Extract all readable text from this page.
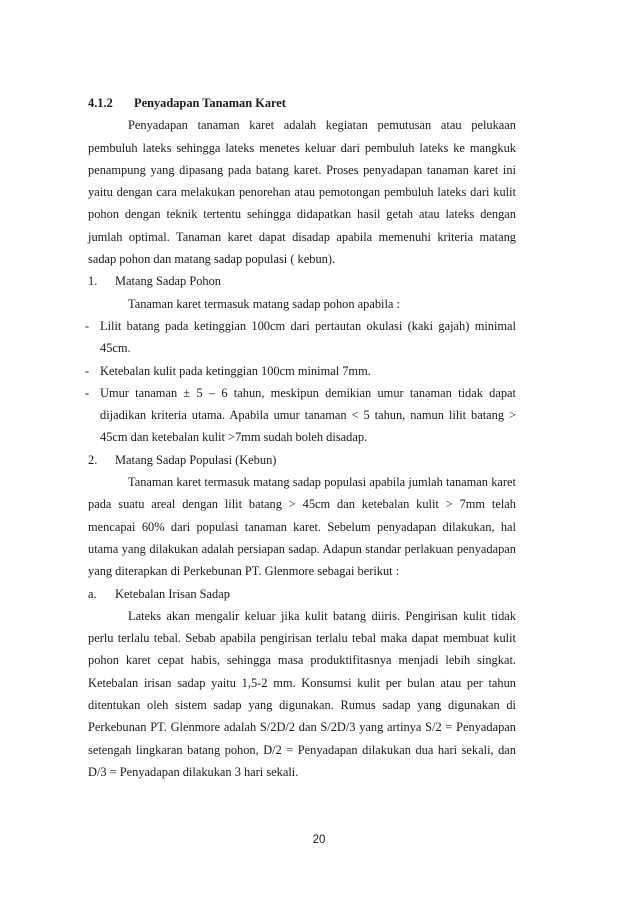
4.1.2 Penyadapan Tanaman Karet

Penyadapan tanaman karet adalah kegiatan pemutusan atau pelukaan pembuluh lateks sehingga lateks menetes keluar dari pembuluh lateks ke mangkuk penampung yang dipasang pada batang karet. Proses penyadapan tanaman karet ini yaitu dengan cara melakukan penorehan atau pemotongan pembuluh lateks dari kulit pohon dengan teknik tertentu sehingga didapatkan hasil getah atau lateks dengan jumlah optimal. Tanaman karet dapat disadap apabila memenuhi kriteria matang sadap pohon dan matang sadap populasi ( kebun).

1.	Matang Sadap Pohon

Tanaman karet termasuk matang sadap pohon apabila :

- Lilit batang pada ketinggian 100cm dari pertautan okulasi (kaki gajah) minimal 45cm.
- Ketebalan kulit pada ketinggian 100cm minimal 7mm.
- Umur tanaman ± 5 – 6 tahun, meskipun demikian umur tanaman tidak dapat dijadikan kriteria utama. Apabila umur tanaman < 5 tahun, namun lilit batang > 45cm dan ketebalan kulit >7mm sudah boleh disadap.
2.	Matang Sadap Populasi (Kebun)

Tanaman karet termasuk matang sadap populasi apabila jumlah tanaman karet pada suatu areal dengan lilit batang > 45cm dan ketebalan kulit > 7mm telah mencapai 60% dari populasi tanaman karet. Sebelum penyadapan dilakukan, hal utama yang dilakukan adalah persiapan sadap. Adapun standar perlakuan penyadapan yang diterapkan di Perkebunan PT. Glenmore sebagai berikut :

a.	Ketebalan Irisan Sadap

Lateks akan mengalir keluar jika kulit batang diiris. Pengirisan kulit tidak perlu terlalu tebal. Sebab apabila pengirisan terlalu tebal maka dapat membuat kulit pohon karet cepat habis, sehingga masa produktifitasnya menjadi lebih singkat. Ketebalan irisan sadap yaitu 1,5-2 mm. Konsumsi kulit per bulan atau per tahun ditentukan oleh sistem sadap yang digunakan. Rumus sadap yang digunakan di Perkebunan PT. Glenmore adalah S/2D/2 dan S/2D/3 yang artinya S/2 = Penyadapan setengah lingkaran batang pohon, D/2 = Penyadapan dilakukan dua hari sekali, dan D/3 = Penyadapan dilakukan 3 hari sekali.

20
